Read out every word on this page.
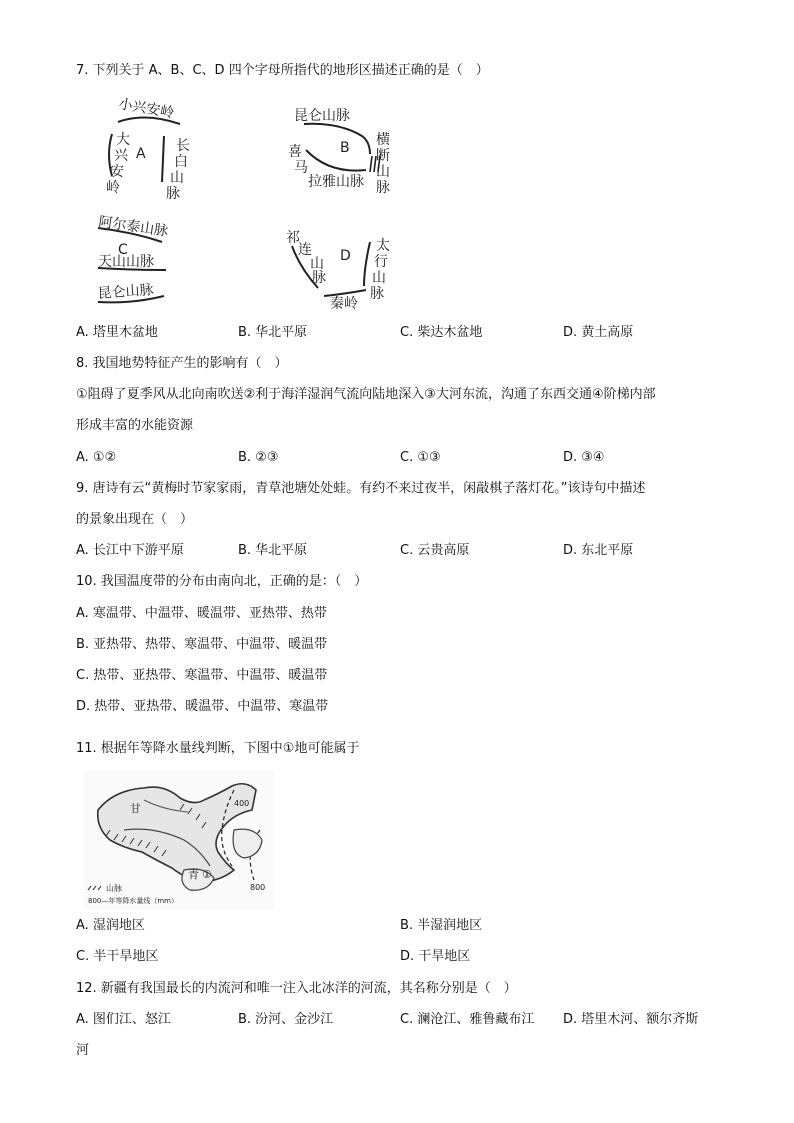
7. 下列关于 A、B、C、D 四个字母所指代的地形区描述正确的是（　）
小兴安岭
大
兴
安
岭
长
白
山
脉
A
昆仑山脉
喜
马
拉雅山脉
横
断
山
脉
B
阿尔泰山脉
C
天山山脉
昆仑山脉
祁
连
山
脉
秦岭
太
行
山
脉
D
A. 塔里木盆地	B. 华北平原	C. 柴达木盆地	D. 黄土高原
8. 我国地势特征产生的影响有（　）
①阻碍了夏季风从北向南吹送②利于海洋湿润气流向陆地深入③大河东流，沟通了东西交通④阶梯内部
形成丰富的水能资源
A. ①②	B. ②③	C. ①③	D. ③④
9. 唐诗有云“黄梅时节家家雨，青草池塘处处蛙。有约不来过夜半，闲敲棋子落灯花。”该诗句中描述
的景象出现在（　）
A. 长江中下游平原	B. 华北平原	C. 云贵高原	D. 东北平原
10. 我国温度带的分布由南向北，正确的是：（　）
A. 寒温带、中温带、暖温带、亚热带、热带
B. 亚热带、热带、寒温带、中温带、暖温带
C. 热带、亚热带、寒温带、中温带、暖温带
D. 热带、亚热带、暖温带、中温带、寒温带
11. 根据年等降水量线判断，下图中①地可能属于
甘
青 ①
400
800
山脉
800—年等降水量线（mm）
A. 湿润地区	B. 半湿润地区
C. 半干旱地区	D. 干旱地区
12. 新疆有我国最长的内流河和唯一注入北冰洋的河流，其名称分别是（　）
A. 图们江、怒江	B. 汾河、金沙江	C. 澜沧江、雅鲁藏布江 D. 塔里木河、额尔齐斯
河
